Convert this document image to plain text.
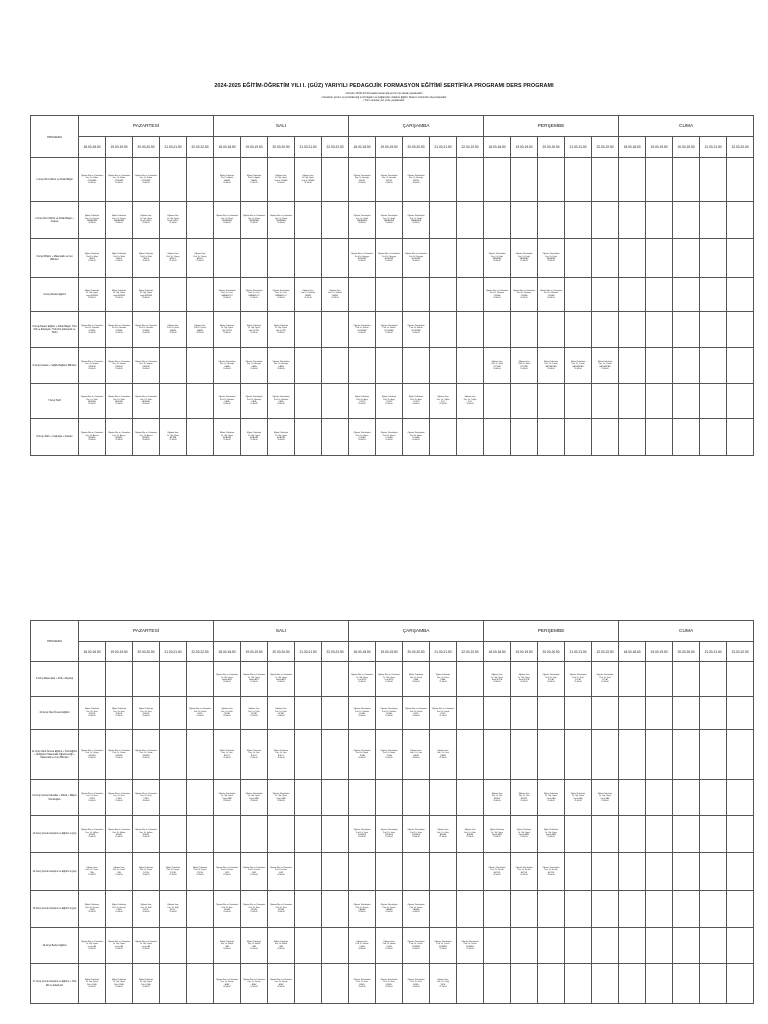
2024-2025 EĞİTİM-ÖĞRETİM YILI I. (GÜZ) YARIYILI PEDAGOJİK FORMASYON EĞİTİMİ SERTİFİKA PROGRAMI DERS PROGRAMI
• Dersler 18:00-22:30 saatleri arasında çevrim içi olarak yapılacaktır.
• Derslerin çevrim içi yürütüleceği sınıf bilgileri ve bağlantılar Uzaktan Eğitim Sistemi üzerinden duyurulacaktır.
• Tüm sınavlar yüz yüze yapılacaktır.
PROGRAM	PAZARTESİ					SALI					ÇARŞAMBA					PERŞEMBE					CUMA				
	18.00-18.50	19.00-19.50	20.00-20.50	21.00-21.50	22.00-22.50	18.00-18.50	19.00-19.50	20.00-20.50	21.00-21.50	22.00-22.50	18.00-18.50	19.00-19.50	20.00-20.50	21.00-21.50	22.00-22.50	18.00-18.50	19.00-19.50	20.00-20.50	21.00-21.50	22.00-22.50	18.00-18.50	19.00-19.50	20.00-20.50	21.00-21.50	22.00-22.50
1.Grup Din Kültürü ve Ahlak Bilgisi	Öğretim İlke ve Yöntemleri
Doç. Dr. Kübra
ÖZDEMİR
18:00:00	Öğretim İlke ve Yöntemleri
Doç. Dr. Kübra
ÖZDEMİR
19:00:00	Öğretim İlke ve Yöntemleri
Doç. Dr. Kübra
ÖZDEMİR
20:00:00			Eğitim Psikolojisi
Prof. Dr. Ayten
SAHİN
18:00:00	Eğitim Psikolojisi
Prof. Dr. Ayten
SAHİN
19:00:00	Eğitime Giriş
Dr. Öğr. Üyesi
Selçuk YILMAZ
20:00:00	Eğitime Giriş
Dr. Öğr. Üyesi
Selçuk YILMAZ
21:00:00		Öğretim Teknolojileri
Doç. Dr. Hüseyin
AYDIN
18:00:00	Öğretim Teknolojileri
Doç. Dr. Hüseyin
AYDIN
19:00:00	Öğretim Teknolojileri
Doç. Dr. Hüseyin
AYDIN
20:00:00												

2.Grup Din Kültürü ve Ahlak Bilgisi + Arapça	Eğitim Psikolojisi
Doç. Dr. Zeynep
KARAKAYA
18:00:00	Eğitim Psikolojisi
Doç. Dr. Zeynep
KARAKAYA
19:00:00	Eğitime Giriş
Dr. Öğr. Üyesi
Burak ÇELİK
20:00:00	Eğitime Giriş
Dr. Öğr. Üyesi
Burak ÇELİK
21:00:00		Öğretim İlke ve Yöntemleri
Doç. Dr. Murat
DEMİRBAŞ
18:00:00	Öğretim İlke ve Yöntemleri
Doç. Dr. Murat
DEMİRBAŞ
19:00:00	Öğretim İlke ve Yöntemleri
Doç. Dr. Murat
DEMİRBAŞ
20:00:00			Öğretim Teknolojileri
Doç. Dr. Vedat
KARAKAYA
18:00:00	Öğretim Teknolojileri
Doç. Dr. Vedat
KARAKAYA
19:00:00	Öğretim Teknolojileri
Doç. Dr. Vedat
KARAKAYA
20:00:00												

3.Grup Bilişim + Matematik ve Fen Bilimleri	Eğitim Psikolojisi
Prof. Dr. Nihal
YAVUZ
18:00:00	Eğitim Psikolojisi
Prof. Dr. Nihal
YAVUZ
19:00:00	Eğitim Psikolojisi
Prof. Dr. Nihal
YAVUZ
20:00:00	Eğitime Giriş
Prof. Dr. Yılmaz
AKSOY
21:00:00	Eğitime Giriş
Prof. Dr. Yılmaz
AKSOY
22:00:00						Öğretim İlke ve Yöntemleri
Prof. Dr. Hüseyin
AYDEMİR
18:00:00	Öğretim İlke ve Yöntemleri
Prof. Dr. Hüseyin
AYDEMİR
19:00:00	Öğretim İlke ve Yöntemleri
Prof. Dr. Hüseyin
AYDEMİR
20:00:00			Öğretim Teknolojileri
Doç. Dr. Kadir
KARATAŞ
18:00:00	Öğretim Teknolojileri
Doç. Dr. Kadir
KARATAŞ
19:00:00	Öğretim Teknolojileri
Doç. Dr. Kadir
KARATAŞ
20:00:00							

4.Grup Beden Eğitimi	Eğitim Psikolojisi
Dr. Öğr. Üyesi
Leyla ERDEM
18:00:00	Eğitim Psikolojisi
Dr. Öğr. Üyesi
Leyla ERDEM
19:00:00	Eğitim Psikolojisi
Dr. Öğr. Üyesi
Leyla ERDEM
20:00:00			Öğretim Teknolojileri
Prof. Dr. Onur
KARABULUT
18:00:00	Öğretim Teknolojileri
Prof. Dr. Onur
KARABULUT
19:00:00	Öğretim Teknolojileri
Prof. Dr. Onur
KARABULUT
20:00:00	Eğitime Giriş
Doç. Dr. Gülsüm
DEMİR
21:00:00	Eğitime Giriş
Doç. Dr. Gülsüm
DEMİR
22:00:00						Öğretim İlke ve Yöntemleri
Prof. Dr. Mehmet
ÖZKAN
18:00:00	Öğretim İlke ve Yöntemleri
Prof. Dr. Mehmet
ÖZKAN
19:00:00	Öğretim İlke ve Yöntemleri
Prof. Dr. Mehmet
ÖZKAN
20:00:00							

5.Grup Beden Eğitimi + Ahlak Bilgisi, Türk Dili ve Edebiyatı, Türk Dili, Edebiyatı ve Tarihi	Öğretim İlke ve Yöntemleri
Prof. Dr. Mustafa
GÜNEŞ
18:00:00	Öğretim İlke ve Yöntemleri
Prof. Dr. Mustafa
GÜNEŞ
19:00:00	Öğretim İlke ve Yöntemleri
Prof. Dr. Mustafa
GÜNEŞ
20:00:00	Eğitime Giriş
Prof. Dr. Emre
ŞAHİN
21:00:00	Eğitime Giriş
Prof. Dr. Emre
ŞAHİN
22:00:00	Eğitim Psikolojisi
Dr. Öğr. Üyesi
Aslı ÇETİN
18:00:00	Eğitim Psikolojisi
Dr. Öğr. Üyesi
Aslı ÇETİN
19:00:00	Eğitim Psikolojisi
Dr. Öğr. Üyesi
Aslı ÇETİN
20:00:00			Öğretim Teknolojileri
Prof. Dr. Bülent
KORKMAZ
18:00:00	Öğretim Teknolojileri
Prof. Dr. Bülent
KORKMAZ
19:00:00	Öğretim Teknolojileri
Prof. Dr. Bülent
KORKMAZ
20:00:00												

6.Grup Felsefe + Sağlık Bağlantı Bilimleri	Öğretim İlke ve Yöntemleri
Doç. Dr. Serkan
ERDEM
18:00:00	Öğretim İlke ve Yöntemleri
Doç. Dr. Serkan
ERDEM
19:00:00	Öğretim İlke ve Yöntemleri
Doç. Dr. Serkan
ERDEM
20:00:00			Öğretim Teknolojileri
Doç. Dr. Hüseyin
KARA
18:00:00	Öğretim Teknolojileri
Doç. Dr. Hüseyin
KARA
19:00:00	Öğretim Teknolojileri
Doç. Dr. Hüseyin
KARA
20:00:00								Eğitime Giriş
Prof. Dr. Sevil
ÖZTÜRK
18:00:00	Eğitime Giriş
Prof. Dr. Sevil
ÖZTÜRK
19:00:00	Eğitim Psikolojisi
Doç. Dr. Canan
BAYRAKTAR
20:00:00	Eğitim Psikolojisi
Doç. Dr. Canan
BAYRAKTAR
21:00:00	Eğitim Psikolojisi
Doç. Dr. Canan
BAYRAKTAR
22:00:00					

7.Grup Tarih	Öğretim İlke ve Yöntemleri
Doç. Dr. Selin
ARSLAN
18:00:00	Öğretim İlke ve Yöntemleri
Doç. Dr. Selin
ARSLAN
19:00:00	Öğretim İlke ve Yöntemleri
Doç. Dr. Selin
ARSLAN
20:00:00			Öğretim Teknolojileri
Prof. Dr. Mehmet
KAYA
18:00:00	Öğretim Teknolojileri
Prof. Dr. Mehmet
KAYA
19:00:00	Öğretim Teknolojileri
Prof. Dr. Mehmet
KAYA
20:00:00			Eğitim Psikolojisi
Prof. Dr. Ayşe
YILDIZ
18:00:00	Eğitim Psikolojisi
Prof. Dr. Ayşe
YILDIZ
19:00:00	Eğitim Psikolojisi
Prof. Dr. Ayşe
YILDIZ
20:00:00	Eğitime Giriş
Doç. Dr. Tuğba
KOÇ
21:00:00	Eğitime Giriş
Doç. Dr. Tuğba
KOÇ
22:00:00										

8.Grup Tarih + Coğrafya + Felsefe	Öğretim İlke ve Yöntemleri
Doç. Dr. Ahmet
ŞİMŞEK
18:00:00	Öğretim İlke ve Yöntemleri
Doç. Dr. Ahmet
ŞİMŞEK
19:00:00	Öğretim İlke ve Yöntemleri
Doç. Dr. Ahmet
ŞİMŞEK
20:00:00	Eğitime Giriş
Dr. Öğr. Üyesi
Ali TAN
21:00:00		Eğitim Psikolojisi
Dr. Öğr. Üyesi
Elif ACAR
18:00:00	Eğitim Psikolojisi
Dr. Öğr. Üyesi
Elif ACAR
19:00:00	Eğitim Psikolojisi
Dr. Öğr. Üyesi
Elif ACAR
20:00:00			Öğretim Teknolojileri
Prof. Dr. Baran
DOĞAN
18:00:00	Öğretim Teknolojileri
Prof. Dr. Baran
DOĞAN
19:00:00	Öğretim Teknolojileri
Prof. Dr. Baran
DOĞAN
20:00:00												

PROGRAM	PAZARTESİ					SALI					ÇARŞAMBA					PERŞEMBE					CUMA				
	18.00-18.50	19.00-19.50	20.00-20.50	21.00-21.50	22.00-22.50	18.00-18.50	19.00-19.50	20.00-20.50	21.00-21.50	22.00-22.50	18.00-18.50	19.00-19.50	20.00-20.50	21.00-21.50	22.00-22.50	18.00-18.50	19.00-19.50	20.00-20.50	21.00-21.50	22.00-22.50	18.00-18.50	19.00-19.50	20.00-20.50	21.00-21.50	22.00-22.50
9.Grup Matematik + Fizik + Biyoloji						Öğretim İlke ve Yöntemleri
Dr. Öğr. Üyesi
Hakan AVCI
18:00:00	Öğretim İlke ve Yöntemleri
Dr. Öğr. Üyesi
Hakan AVCI
19:00:00	Öğretim İlke ve Yöntemleri
Dr. Öğr. Üyesi
Hakan AVCI
20:00:00			Öğretim İlke ve Yöntemleri
Dr. Öğr. Üyesi
Cem KILIÇ
18:00:00	Öğretim İlke ve Yöntemleri
Dr. Öğr. Üyesi
Cem KILIÇ
19:00:00	Eğitim Psikolojisi
Doç. Dr. Deniz
ÜNAL
20:00:00	Eğitim Psikolojisi
Doç. Dr. Deniz
ÜNAL
21:00:00		Eğitime Giriş
Dr. Öğr. Üyesi
Seda KOCA
18:00:00	Eğitime Giriş
Dr. Öğr. Üyesi
Seda KOCA
19:00:00	Öğretim Teknolojileri
Prof. Dr. Ümit
POLAT
20:00:00	Öğretim Teknolojileri
Prof. Dr. Ümit
POLAT
21:00:00	Öğretim Teknolojileri
Prof. Dr. Ümit
POLAT
22:00:00					

10.Grup Okul Öncesi Eğitimi	Eğitim Psikolojisi
Doç. Dr. Esra
GÜLER
18:00:00	Eğitim Psikolojisi
Doç. Dr. Esra
GÜLER
19:00:00	Eğitim Psikolojisi
Doç. Dr. Esra
GÜLER
20:00:00		Öğretim İlke ve Yöntemleri
Prof. Dr. İsmail
KURT
22:00:00	Eğitime Giriş
Doç. Dr. Fatih
OKTAY
18:00:00	Eğitime Giriş
Doç. Dr. Fatih
OKTAY
19:00:00	Eğitime Giriş
Doç. Dr. Fatih
OKTAY
20:00:00			Öğretim Teknolojileri
Prof. Dr. Gökhan
UYSAL
18:00:00	Öğretim Teknolojileri
Prof. Dr. Gökhan
UYSAL
19:00:00	Öğretim İlke ve Yöntemleri
Prof. Dr. İsmail
KURT
20:00:00	Öğretim İlke ve Yöntemleri
Prof. Dr. İsmail
KURT
21:00:00											

11.Grup Okul Öncesi Eğitimi + Özel Eğitim + İlköğretim Matematik Öğretmenliği + Matematik ve Fen Bilimleri	Öğretim İlke ve Yöntemleri
Prof. Dr. Özlem
KESKİN
18:00:00	Öğretim İlke ve Yöntemleri
Prof. Dr. Özlem
KESKİN
19:00:00	Öğretim İlke ve Yöntemleri
Prof. Dr. Özlem
KESKİN
20:00:00			Eğitim Psikolojisi
Doç. Dr. Oya
BULUT
18:00:00	Eğitim Psikolojisi
Doç. Dr. Oya
BULUT
19:00:00	Eğitim Psikolojisi
Doç. Dr. Oya
BULUT
20:00:00			Öğretim Teknolojileri
Prof. Dr. Engin
TUNA
18:00:00	Öğretim Teknolojileri
Prof. Dr. Engin
TUNA
19:00:00	Eğitime Giriş
Doç. Dr. Pınar
ÇAKIR
20:00:00	Eğitime Giriş
Doç. Dr. Pınar
ÇAKIR
21:00:00											

12.Grup Görsel Sanatlar + Müzik + Bilişim Teknolojileri	Öğretim İlke ve Yöntemleri
Doç. Dr. Rıza
ÖZER
18:00:00	Öğretim İlke ve Yöntemleri
Doç. Dr. Rıza
ÖZER
19:00:00	Öğretim İlke ve Yöntemleri
Doç. Dr. Rıza
ÖZER
20:00:00			Öğretim Teknolojileri
Dr. Öğr. Üyesi
Tolga SARI
18:00:00	Öğretim Teknolojileri
Dr. Öğr. Üyesi
Tolga SARI
19:00:00	Öğretim Teknolojileri
Dr. Öğr. Üyesi
Tolga SARI
20:00:00								Eğitime Giriş
Doç. Dr. Nur
EKİNCİ
18:00:00	Eğitime Giriş
Doç. Dr. Nur
EKİNCİ
19:00:00	Eğitim Psikolojisi
Dr. Öğr. Üyesi
Umut BAŞ
20:00:00	Eğitim Psikolojisi
Dr. Öğr. Üyesi
Umut BAŞ
21:00:00	Eğitim Psikolojisi
Dr. Öğr. Üyesi
Umut BAŞ
22:00:00					

13.Grup Çocuk Gelişimi ve Eğitimi 1.grup	Öğretim İlke ve Yöntemleri
Doç. Dr. Volkan
ERGİN
18:00:00	Öğretim İlke ve Yöntemleri
Doç. Dr. Volkan
ERGİN
19:00:00	Öğretim İlke ve Yöntemleri
Doç. Dr. Volkan
ERGİN
20:00:00								Öğretim Teknolojileri
Prof. Dr. Yasin
DURMUŞ
18:00:00	Öğretim Teknolojileri
Prof. Dr. Yasin
DURMUŞ
19:00:00	Öğretim Teknolojileri
Prof. Dr. Yasin
DURMUŞ
20:00:00	Eğitime Giriş
Doç. Dr. Zafer
ASLAN
21:00:00	Eğitime Giriş
Doç. Dr. Zafer
ASLAN
22:00:00	Eğitim Psikolojisi
Dr. Öğr. Üyesi
Berna AKIN
18:00:00	Eğitim Psikolojisi
Dr. Öğr. Üyesi
Berna AKIN
19:00:00	Eğitim Psikolojisi
Dr. Öğr. Üyesi
Berna AKIN
20:00:00							

14.Grup Çocuk Gelişimi ve Eğitimi 2.grup	Eğitime Giriş
Doç. Dr. Ceren
TAŞ
18:00:00	Eğitime Giriş
Doç. Dr. Ceren
TAŞ
19:00:00	Eğitim Psikolojisi
Prof. Dr. Derya
YÜCEL
20:00:00	Eğitim Psikolojisi
Prof. Dr. Derya
YÜCEL
21:00:00	Eğitim Psikolojisi
Prof. Dr. Derya
YÜCEL
22:00:00	Öğretim İlke ve Yöntemleri
Prof. Dr. Ertan
GÜR
18:00:00	Öğretim İlke ve Yöntemleri
Prof. Dr. Ertan
GÜR
19:00:00	Öğretim İlke ve Yöntemleri
Prof. Dr. Ertan
GÜR
20:00:00								Öğretim Teknolojileri
Doç. Dr. Ferhat
ALTUN
18:00:00	Öğretim Teknolojileri
Doç. Dr. Ferhat
ALTUN
19:00:00	Öğretim Teknolojileri
Doç. Dr. Ferhat
ALTUN
20:00:00							

15.Grup Çocuk Gelişimi ve Eğitimi 3.grup	Eğitim Psikolojisi
Prof. Dr. Gamze
ÖZEN
18:00:00	Eğitim Psikolojisi
Prof. Dr. Gamze
ÖZEN
19:00:00	Eğitime Giriş
Doç. Dr. Halil
EROL
20:00:00	Eğitime Giriş
Doç. Dr. Halil
EROL
21:00:00		Öğretim İlke ve Yöntemleri
Prof. Dr. İlker
SEVİM
18:00:00	Öğretim İlke ve Yöntemleri
Prof. Dr. İlker
SEVİM
19:00:00	Öğretim İlke ve Yöntemleri
Prof. Dr. İlker
SEVİM
20:00:00			Öğretim Teknolojileri
Prof. Dr. Kenan
YAMAN
18:00:00	Öğretim Teknolojileri
Prof. Dr. Kenan
YAMAN
19:00:00	Öğretim Teknolojileri
Prof. Dr. Kenan
YAMAN
20:00:00												

16.Grup Beden Eğitimi	Öğretim İlke ve Yöntemleri
Dr. Öğr. Üyesi
Levent AK
18:00:00	Öğretim İlke ve Yöntemleri
Dr. Öğr. Üyesi
Levent AK
19:00:00	Öğretim İlke ve Yöntemleri
Dr. Öğr. Üyesi
Levent AK
20:00:00			Eğitim Psikolojisi
Doç. Dr. Melek
CAN
18:00:00	Eğitim Psikolojisi
Doç. Dr. Melek
CAN
19:00:00	Eğitim Psikolojisi
Doç. Dr. Melek
CAN
20:00:00			Eğitime Giriş
Prof. Dr. Nazan
UÇAR
18:00:00	Eğitime Giriş
Prof. Dr. Nazan
UÇAR
19:00:00	Öğretim Teknolojileri
Prof. Dr. Orhan
SÖNMEZ
20:00:00	Öğretim Teknolojileri
Prof. Dr. Orhan
SÖNMEZ
21:00:00	Öğretim Teknolojileri
Prof. Dr. Orhan
SÖNMEZ
22:00:00										

17.Grup Çocuk Gelişimi ve Eğitimi + Türk Dili ve Edebiyatı	Eğitim Psikolojisi
Dr. Öğr. Üyesi
Pelin ORAL
18:00:00	Eğitim Psikolojisi
Dr. Öğr. Üyesi
Pelin ORAL
19:00:00	Eğitim Psikolojisi
Dr. Öğr. Üyesi
Pelin ORAL
20:00:00			Öğretim İlke ve Yöntemleri
Doç. Dr. Recep
AYAZ
18:00:00	Öğretim İlke ve Yöntemleri
Doç. Dr. Recep
AYAZ
19:00:00	Öğretim İlke ve Yöntemleri
Doç. Dr. Recep
AYAZ
20:00:00			Öğretim Teknolojileri
Prof. Dr. Suat
EREN
18:00:00	Öğretim Teknolojileri
Prof. Dr. Suat
EREN
19:00:00	Öğretim Teknolojileri
Prof. Dr. Suat
EREN
20:00:00	Eğitime Giriş
Doç. Dr. Tülay
İNCE
21:00:00											
